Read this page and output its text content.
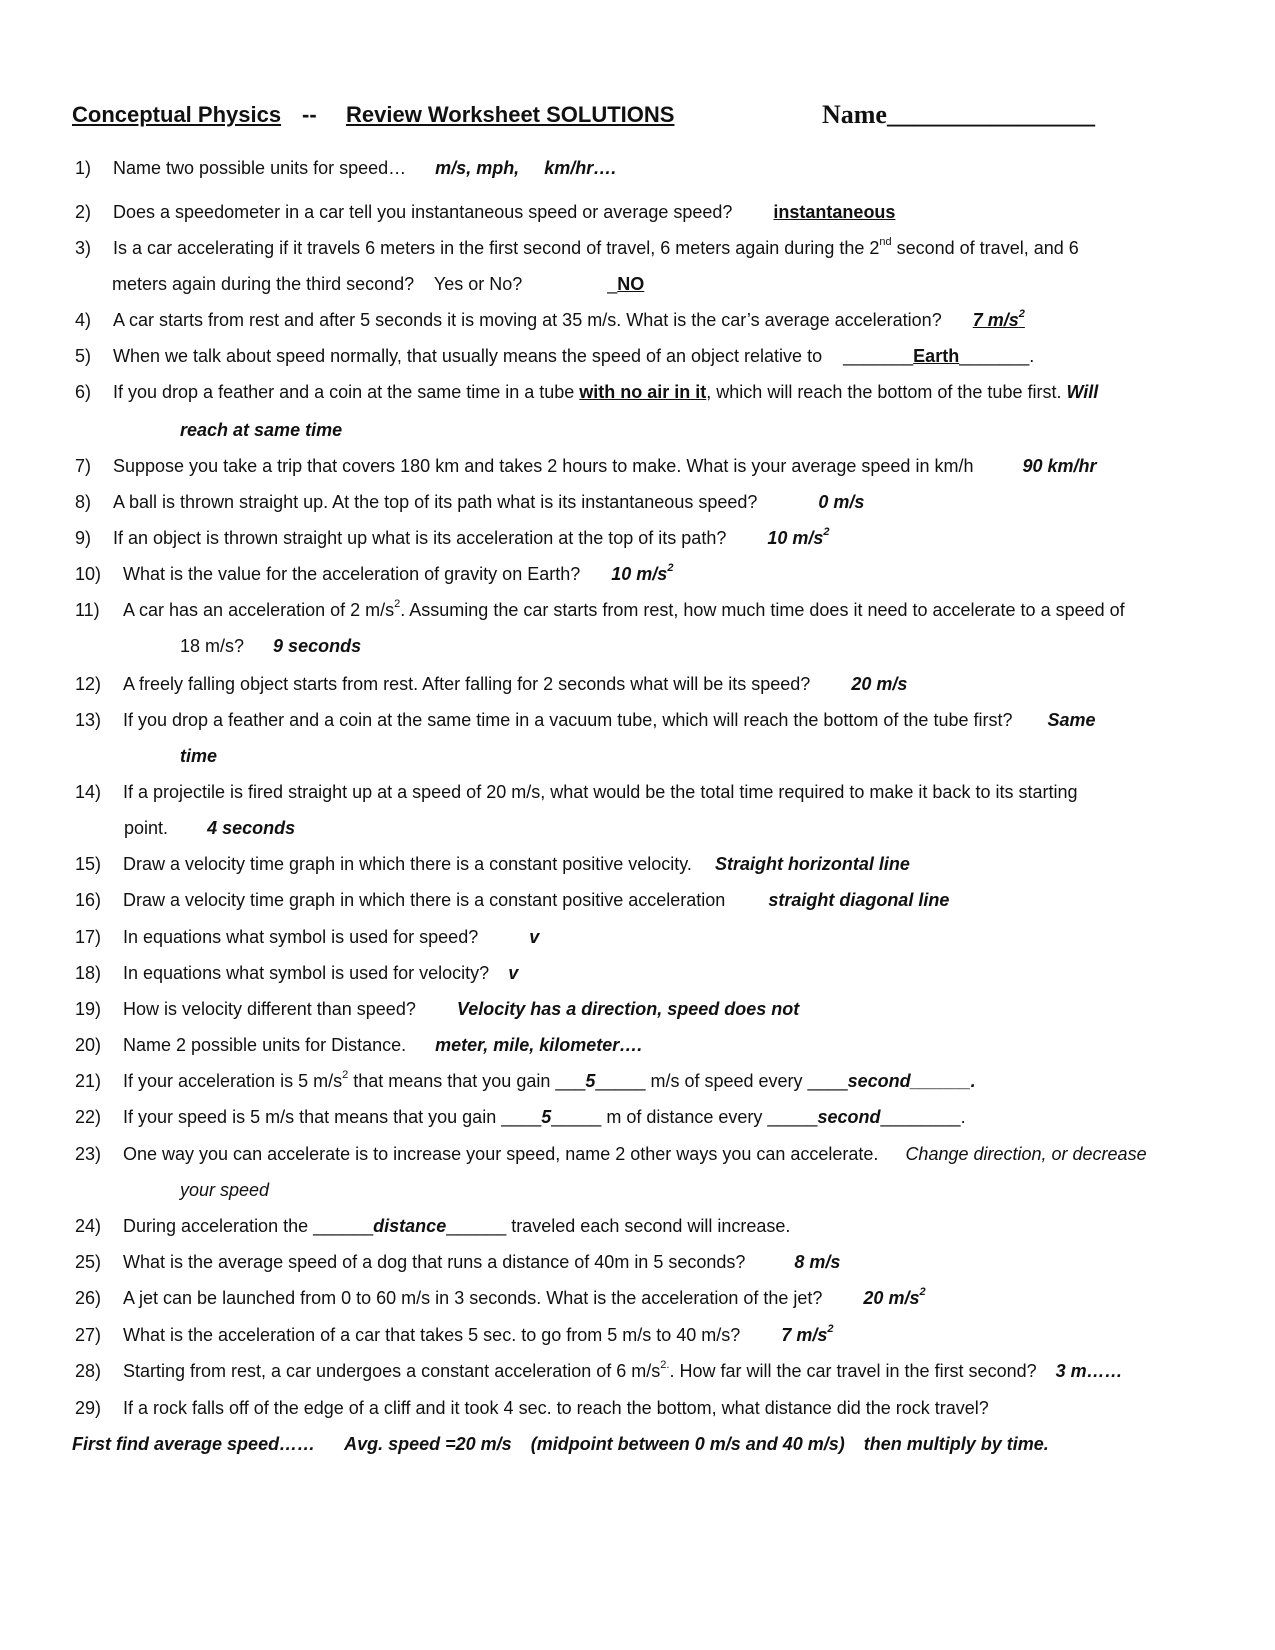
Conceptual Physics -- Review Worksheet SOLUTIONS	Name________________
1) Name two possible units for speed… m/s, mph,     km/hr….
2) Does a speedometer in a car tell you instantaneous speed or average speed? instantaneous
3) Is a car accelerating if it travels 6 meters in the first second of travel, 6 meters again during the 2nd second of travel, and 6
meters again during the third second?    Yes or No?	_NO
4) A car starts from rest and after 5 seconds it is moving at 35 m/s. What is the car’s average acceleration? 7 $m/s^2$
5) When we talk about speed normally, that usually means the speed of an object relative to _______Earth_______.
6) If you drop a feather and a coin at the same time in a tube with no air in it, which will reach the bottom of the tube first. Will
reach at same time
7) Suppose you take a trip that covers 180 km and takes 2 hours to make. What is your average speed in km/h	90 km/hr
8) A ball is thrown straight up. At the top of its path what is its instantaneous speed?	0 m/s
9) If an object is thrown straight up what is its acceleration at the top of its path? 10 $m/s^2$
10) What is the value for the acceleration of gravity on Earth? 10 $m/s^2$
11) A car has an acceleration of 2 $m/s^2$. Assuming the car starts from rest, how much time does it need to accelerate to a speed of
18 m/s? 9 seconds
12) A freely falling object starts from rest. After falling for 2 seconds what will be its speed? 20 m/s
13) If you drop a feather and a coin at the same time in a vacuum tube, which will reach the bottom of the tube first? Same
time
14) If a projectile is fired straight up at a speed of 20 m/s, what would be the total time required to make it back to its starting
point. 4 seconds
15) Draw a velocity time graph in which there is a constant positive velocity. Straight horizontal line
16) Draw a velocity time graph in which there is a constant positive acceleration straight diagonal line
17) In equations what symbol is used for speed?	v
18) In equations what symbol is used for velocity? v
19) How is velocity different than speed? Velocity has a direction, speed does not
20) Name 2 possible units for Distance. meter, mile, kilometer….
21) If your acceleration is 5 $m/s^2$ that means that you gain ___5_____ m/s of speed every ____second______.
22) If your speed is 5 m/s that means that you gain ____5_____ m of distance every _____second________.
23) One way you can accelerate is to increase your speed, name 2 other ways you can accelerate. Change direction, or decrease
your speed
24) During acceleration the ______distance______ traveled each second will increase.
25) What is the average speed of a dog that runs a distance of 40m in 5 seconds?	8 m/s
26) A jet can be launched from 0 to 60 m/s in 3 seconds. What is the acceleration of the jet? 20 $m/s^2$
27) What is the acceleration of a car that takes 5 sec. to go from 5 m/s to 40 m/s? 7 $m/s^2$
28) Starting from rest, a car undergoes a constant acceleration of 6 $m/s^{2.}$. How far will the car travel in the first second? 3 m……
29) If a rock falls off of the edge of a cliff and it took 4 sec. to reach the bottom, what distance did the rock travel?
First find average speed…… Avg. speed =20 m/s (midpoint between 0 m/s and 40 m/s) then multiply by time.
